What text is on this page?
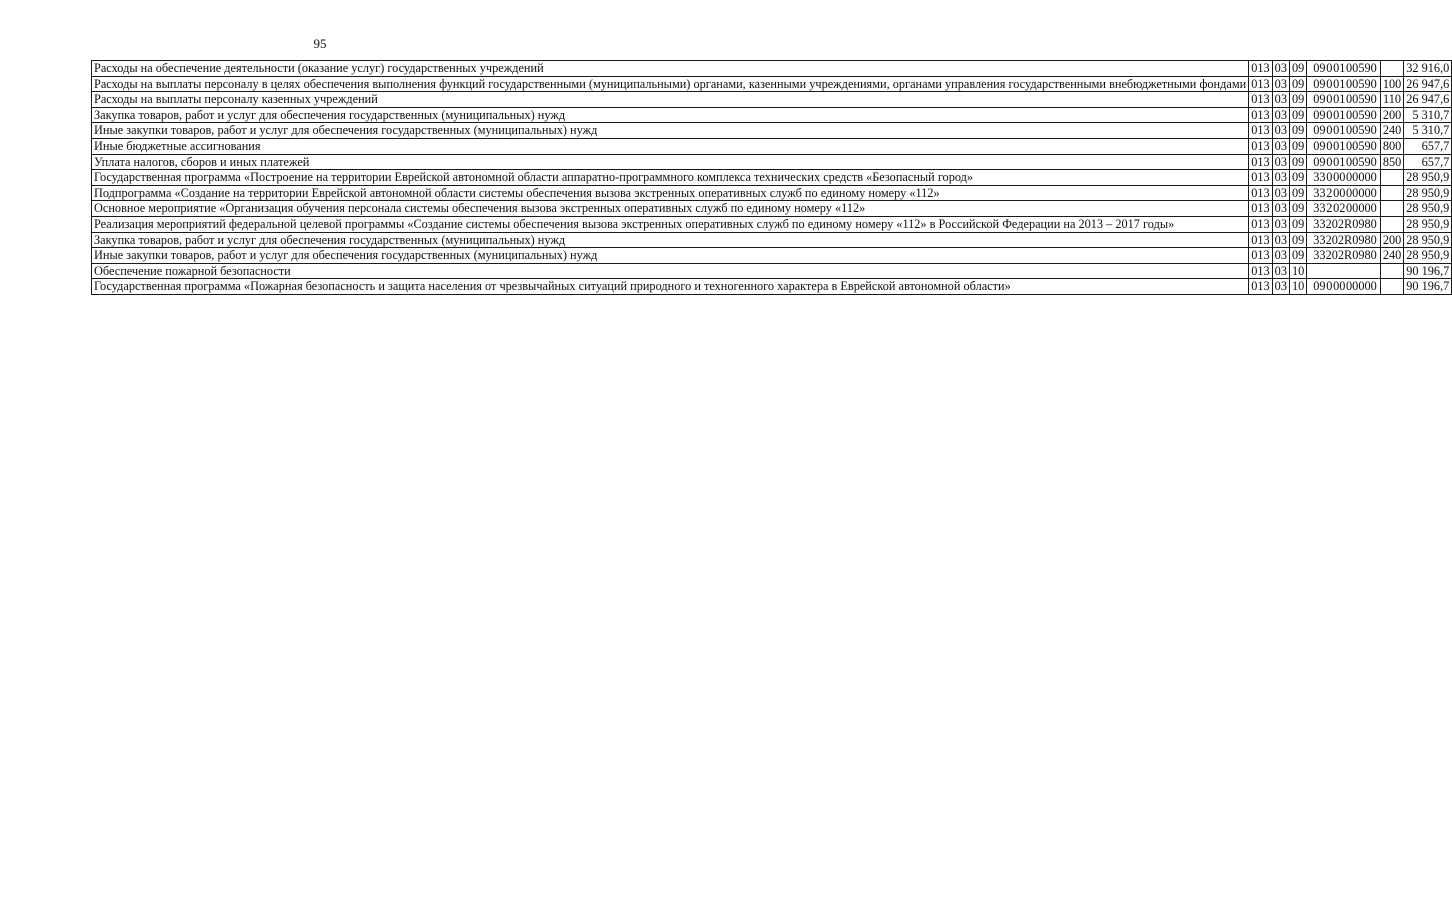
95
Расходы на обеспечение деятельности (оказание услуг) государственных учреждений	013	03	09	09 0 01 00590		32 916,0
Расходы на выплаты персоналу в целях обеспечения выполнения функций государственными (муниципальными) органами, казенными учреждениями, органами управления государственными внебюджетными фондами	013	03	09	09 0 01 00590	100	26 947,6
Расходы на выплаты персоналу казенных учреждений	013	03	09	09 0 01 00590	110	26 947,6
Закупка товаров, работ и услуг для обеспечения государственных (муниципальных) нужд	013	03	09	09 0 01 00590	200	5 310,7
Иные закупки товаров, работ и услуг для обеспечения государственных (муниципальных) нужд	013	03	09	09 0 01 00590	240	5 310,7
Иные бюджетные ассигнования	013	03	09	09 0 01 00590	800	657,7
Уплата налогов, сборов и иных платежей	013	03	09	09 0 01 00590	850	657,7
Государственная программа «Построение на территории Еврейской автономной области аппаратно-программного комплекса технических средств «Безопасный город»	013	03	09	33 0 00 00000		28 950,9
Подпрограмма «Создание на территории Еврейской автономной области системы обеспечения вызова экстренных оперативных служб по единому номеру «112»	013	03	09	33 2 00 00000		28 950,9
Основное мероприятие «Организация обучения персонала системы обеспечения вызова экстренных оперативных служб по единому номеру «112»	013	03	09	33 2 02 00000		28 950,9
Реализация мероприятий федеральной целевой программы «Создание системы обеспечения вызова экстренных оперативных служб по единому номеру «112» в Российской Федерации на 2013 – 2017 годы»	013	03	09	33 2 02 R0980		28 950,9
Закупка товаров, работ и услуг для обеспечения государственных (муниципальных) нужд	013	03	09	33 2 02 R0980	200	28 950,9
Иные закупки товаров, работ и услуг для обеспечения государственных (муниципальных) нужд	013	03	09	33 2 02 R0980	240	28 950,9
Обеспечение пожарной безопасности	013	03	10			90 196,7
Государственная программа «Пожарная безопасность и защита населения от чрезвычайных ситуаций природного и техногенного характера в Еврейской автономной области»	013	03	10	09 0 00 00000		90 196,7
